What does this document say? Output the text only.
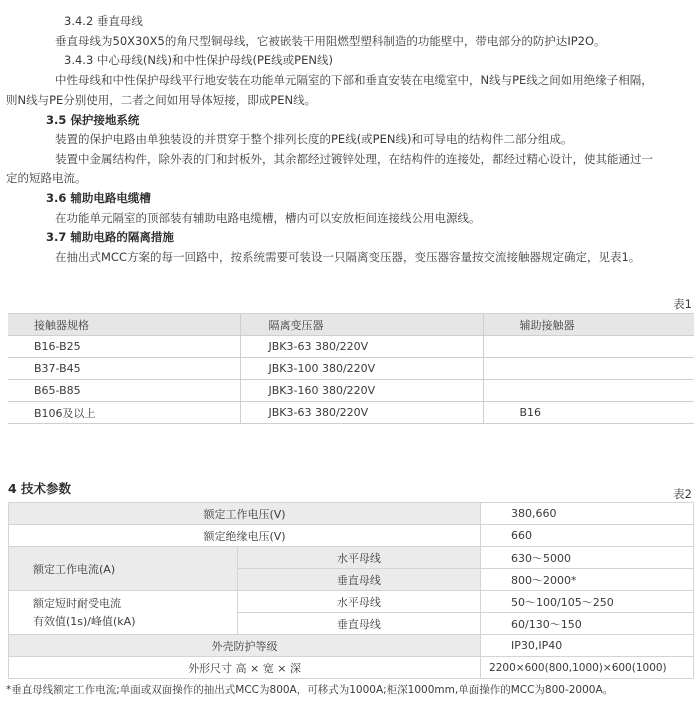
3.4.2 垂直母线
垂直母线为50X30X5的角尺型铜母线，它被嵌装干用阻燃型塑科制造的功能壁中，带电部分的防护达IP2O。
3.4.3 中心母线(N线)和中性保护母线(PE线或PEN线)
中性母线和中性保护母线平行地安装在功能单元隔室的下部和垂直安装在电缆室中，N线与PE线之间如用绝缘子相隔，
则N线与PE分别使用，二者之间如用导体短接，即成PEN线。
3.5 保护接地系统
装置的保护电路由单独装设的并贯穿于整个排列长度的PE线(或PEN线)和可导电的结构件二部分组成。
装置中金属结构件，除外表的门和封板外，其余都经过镀锌处理，在结构件的连接处，都经过精心设计，使其能通过一
定的短路电流。
3.6 辅助电路电缆槽
在功能单元隔室的顶部装有辅助电路电缆槽，槽内可以安放柜间连接线公用电源线。
3.7 辅助电路的隔离措施
在抽出式MCC方案的每一回路中，按系统需要可装设一只隔离变压器，变压器容量按交流接触器规定确定，见表1。
表1
接触器规格	隔离变压器	辅助接触器
B16-B25	JBK3-63 380/220V	
B37-B45	JBK3-100 380/220V	
B65-B85	JBK3-160 380/220V	
B106及以上	JBK3-63 380/220V	B16
4 技术参数	表2
额定工作电压(V)		380,660
额定绝缘电压(V)		660
额定工作电流(A)	水平母线	630～5000
	垂直母线	800～2000*

额定短时耐受电流
有效值(1s)/峰值(kA)	水平母线	50～100/105～250
	垂直母线	60/130～150
外壳防护等级		IP30,IP40
外形尺寸 高 × 宽 × 深		2200×600(800,1000)×600(1000)
*垂直母线额定工作电流;单面或双面操作的抽出式MCC为800A，可移式为1000A;柜深1000mm,单面操作的MCC为800-2000A。
